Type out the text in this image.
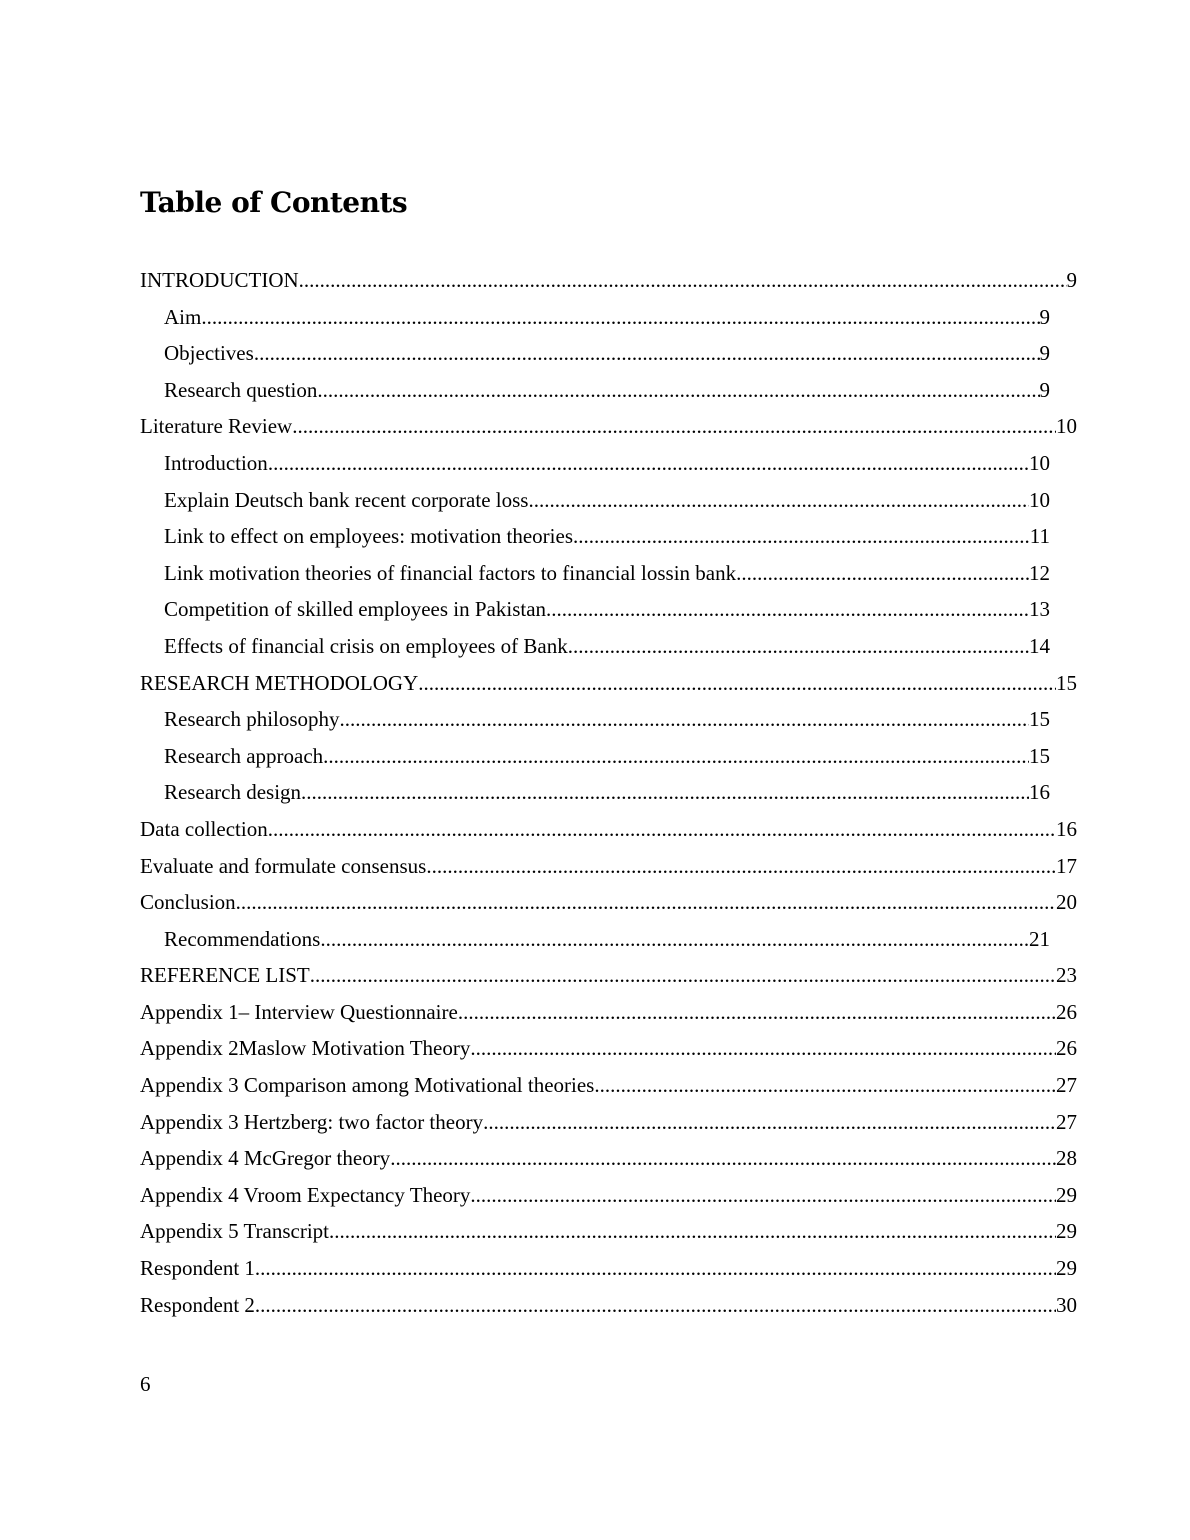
Table of Contents
INTRODUCTION .....	9
Aim .....	9
Objectives .....	9
Research question .....	9
Literature Review .....	10
Introduction .....	10
Explain Deutsch bank recent corporate loss .....	10
Link to effect on employees: motivation theories .....	11
Link motivation theories of financial factors to financial lossin bank .....	12
Competition of skilled employees in Pakistan .....	13
Effects of financial crisis on employees of Bank .....	14
RESEARCH METHODOLOGY .....	15
Research philosophy .....	15
Research approach .....	15
Research design .....	16
Data collection .....	16
Evaluate and formulate consensus .....	17
Conclusion .....	20
Recommendations .....	21
REFERENCE LIST .....	23
Appendix 1– Interview Questionnaire .....	26
Appendix 2Maslow Motivation Theory .....	26
Appendix 3 Comparison among Motivational theories .....	27
Appendix 3 Hertzberg: two factor theory .....	27
Appendix 4 McGregor theory .....	28
Appendix 4 Vroom Expectancy Theory .....	29
Appendix 5 Transcript .....	29
Respondent 1 .....	29
Respondent 2 .....	30
6
